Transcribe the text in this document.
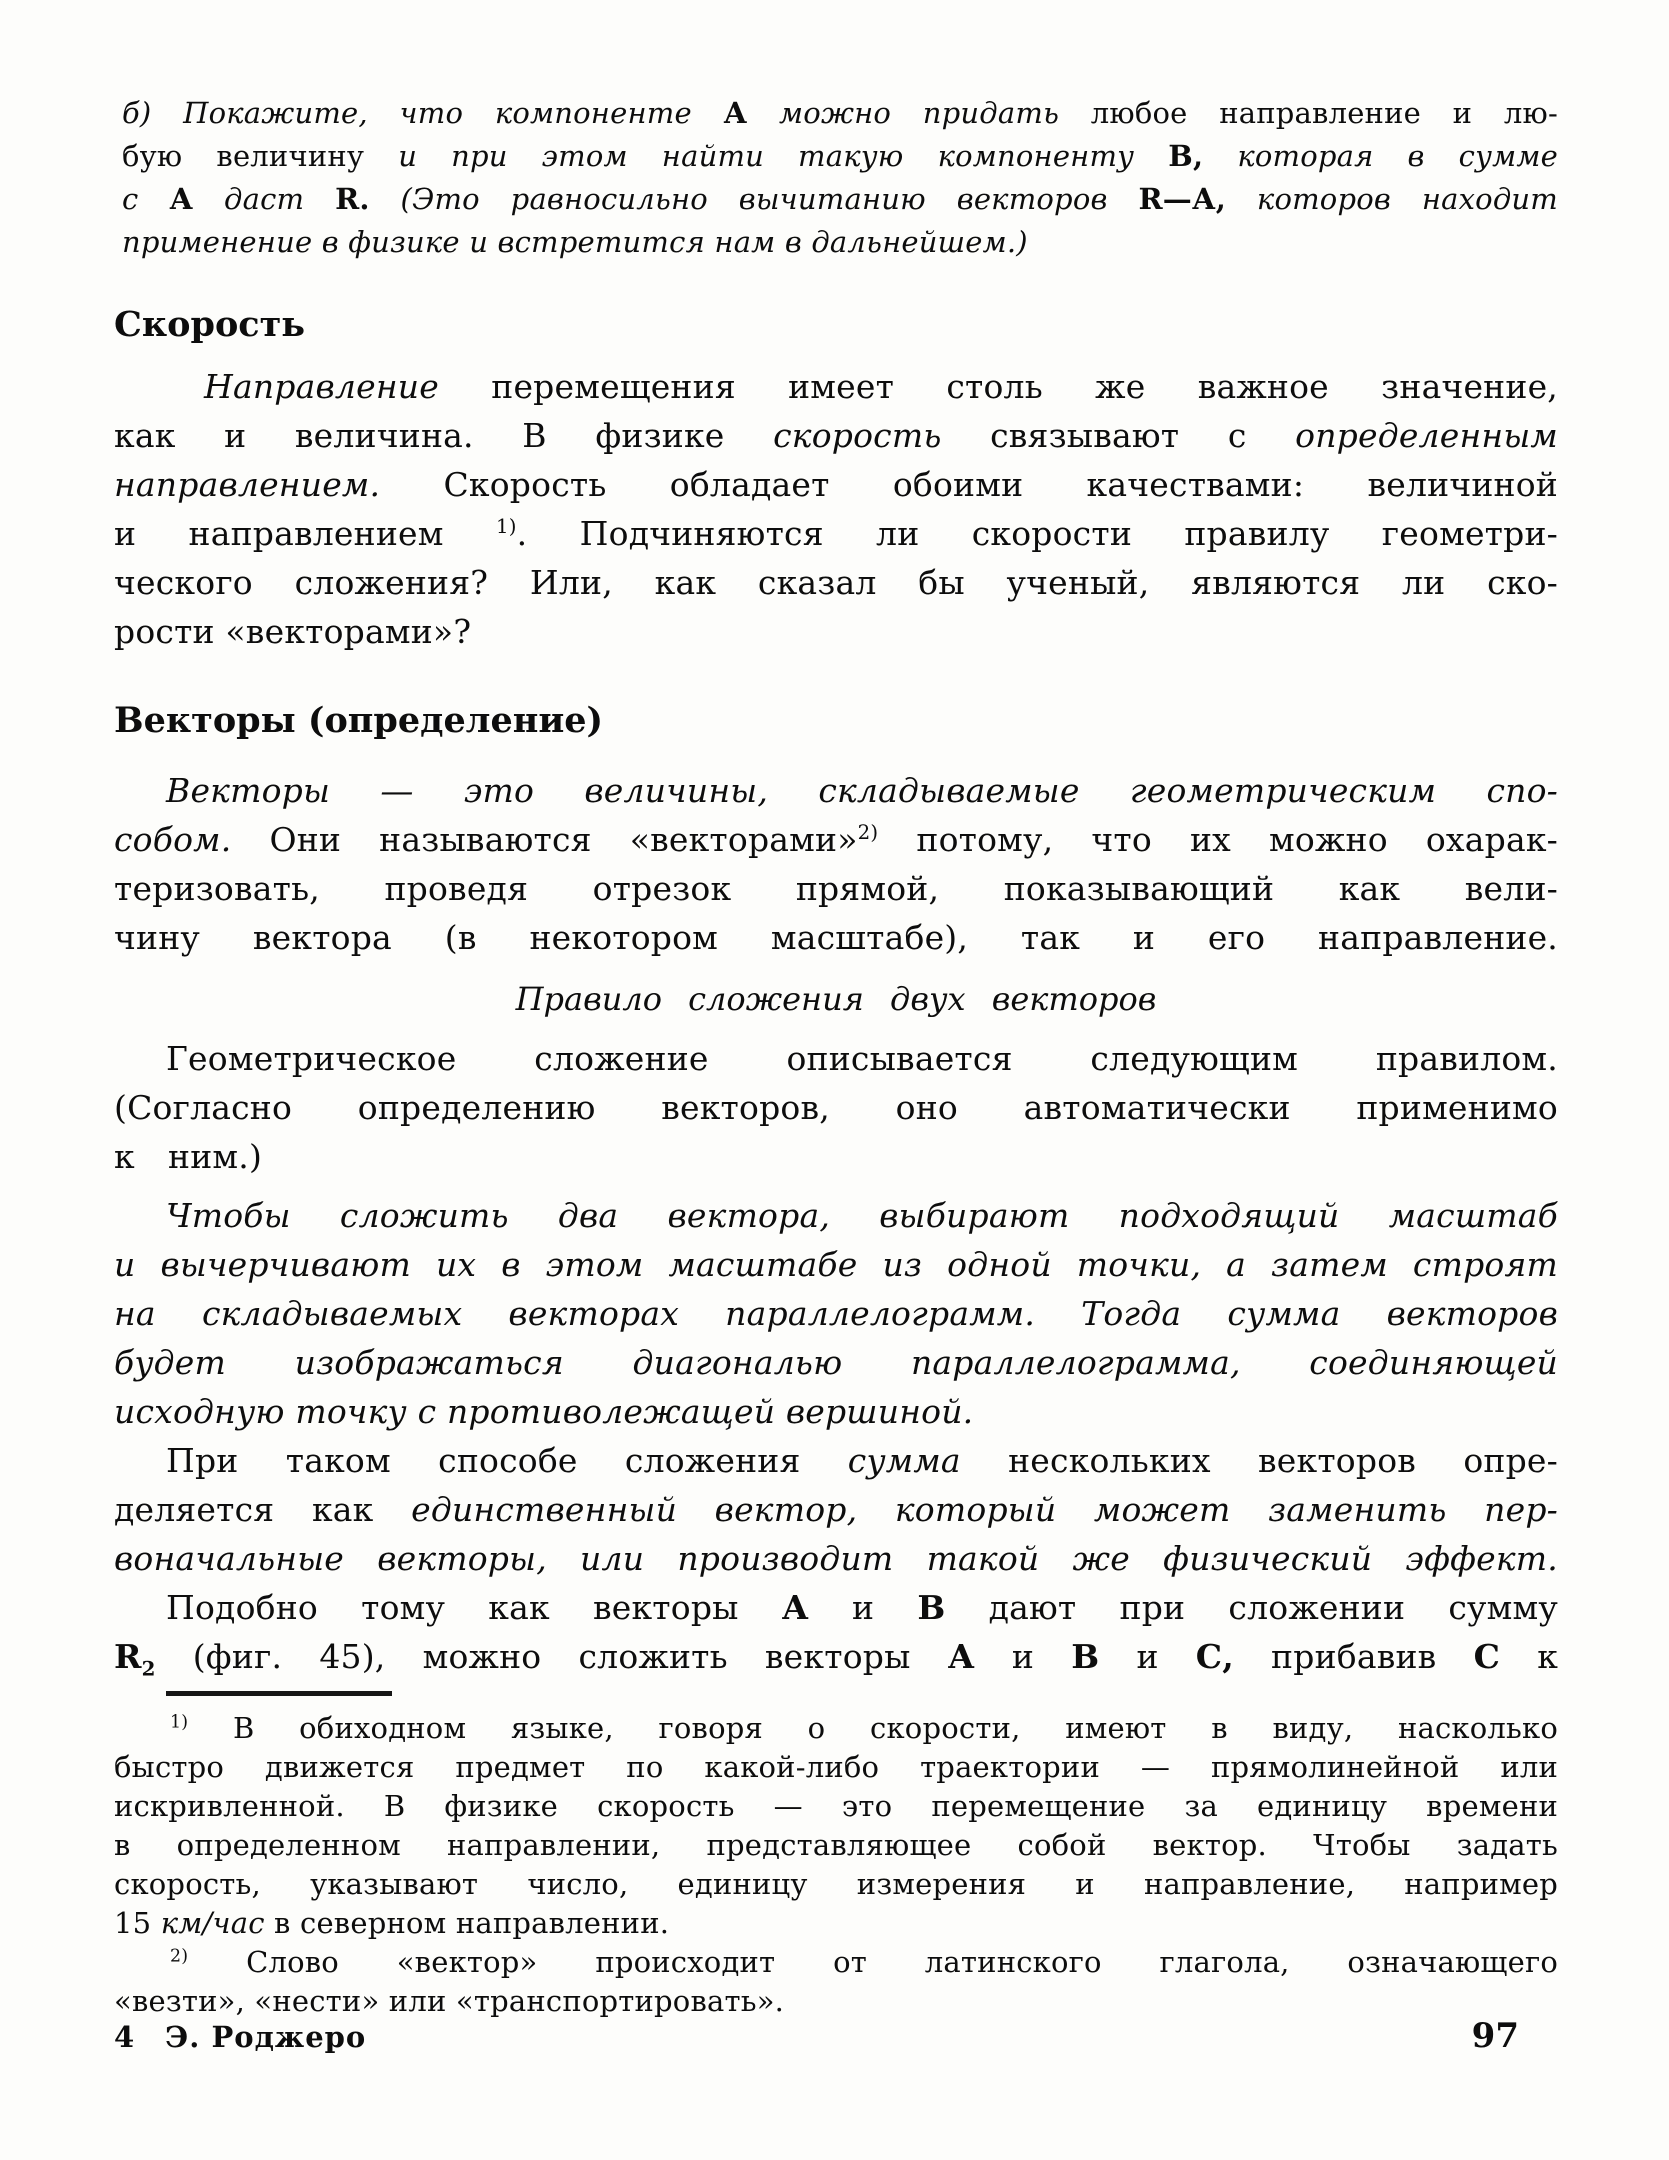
б) Покажите, что компоненте А можно придать любое направление и лю-
бую величину и при этом найти такую компоненту В, которая в сумме
с А даст R. (Это равносильно вычитанию векторов R—А, которов находит
применение в физике и встретится нам в дальнейшем.)
Скорость
Направление перемещения имеет столь же важное значение,
как и величина. В физике скорость связывают с определенным
направлением. Скорость обладает обоими качествами: величиной
и направлением $^{1)}$. Подчиняются ли скорости правилу геометри-
ческого сложения? Или, как сказал бы ученый, являются ли ско-
рости «векторами»?
Векторы (определение)
Векторы — это величины, складываемые геометрическим спо-
собом. Они называются «векторами»$^{2)}$ потому, что их можно охарак-
теризовать, проведя отрезок прямой, показывающий как вели-
чину вектора (в некотором масштабе), так и его направление.
Правило сложения двух векторов
Геометрическое сложение описывается следующим правилом.
(Согласно определению векторов, оно автоматически применимо
к ним.)
Чтобы сложить два вектора, выбирают подходящий масштаб
и вычерчивают их в этом масштабе из одной точки, а затем строят
на складываемых векторах параллелограмм. Тогда сумма векторов
будет изображаться диагональю параллелограмма, соединяющей
исходную точку с противолежащей вершиной.
При таком способе сложения сумма нескольких векторов опре-
деляется как единственный вектор, который может заменить пер-
воначальные векторы, или производит такой же физический эффект.
Подобно тому как векторы А и В дают при сложении сумму
$R_2$ (фиг. 45), можно сложить векторы А и В и С, прибавив С к
$^{1)}$ В обиходном языке, говоря о скорости, имеют в виду, насколько
быстро движется предмет по какой-либо траектории — прямолинейной или
искривленной. В физике скорость — это перемещение за единицу времени
в определенном направлении, представляющее собой вектор. Чтобы задать
скорость, указывают число, единицу измерения и направление, например
15 км/час в северном направлении.
$^{2)}$ Слово «вектор» происходит от латинского глагола, означающего
«везти», «нести» или «транспортировать».
4 Э. Роджеро	97
